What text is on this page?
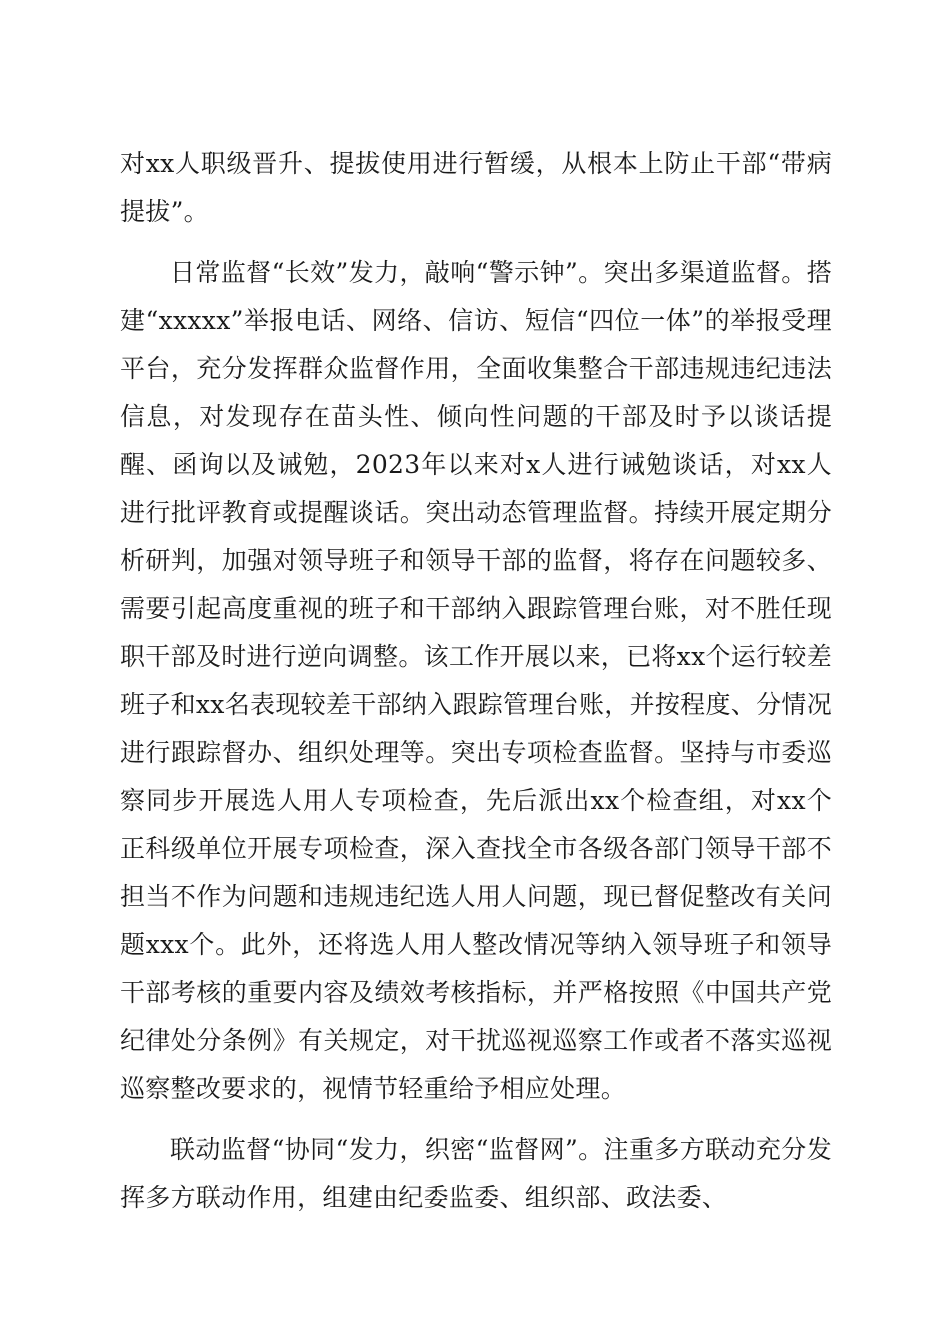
对xx人职级晋升、提拔使用进行暂缓，从根本上防止干部“带病提拔”。

日常监督“长效”发力，敲响“警示钟”。突出多渠道监督。搭建“xxxxx”举报电话、网络、信访、短信“四位一体”的举报受理平台，充分发挥群众监督作用，全面收集整合干部违规违纪违法信息，对发现存在苗头性、倾向性问题的干部及时予以谈话提醒、函询以及诫勉，2023年以来对x人进行诫勉谈话，对xx人进行批评教育或提醒谈话。突出动态管理监督。持续开展定期分析研判，加强对领导班子和领导干部的监督，将存在问题较多、需要引起高度重视的班子和干部纳入跟踪管理台账，对不胜任现职干部及时进行逆向调整。该工作开展以来，已将xx个运行较差班子和xx名表现较差干部纳入跟踪管理台账，并按程度、分情况进行跟踪督办、组织处理等。突出专项检查监督。坚持与市委巡察同步开展选人用人专项检查，先后派出xx个检查组，对xx个正科级单位开展专项检查，深入查找全市各级各部门领导干部不担当不作为问题和违规违纪选人用人问题，现已督促整改有关问题xxx个。此外，还将选人用人整改情况等纳入领导班子和领导干部考核的重要内容及绩效考核指标，并严格按照《中国共产党纪律处分条例》有关规定，对干扰巡视巡察工作或者不落实巡视巡察整改要求的，视情节轻重给予相应处理。

联动监督“协同“发力，织密“监督网”。注重多方联动充分发挥多方联动作用，组建由纪委监委、组织部、政法委、
